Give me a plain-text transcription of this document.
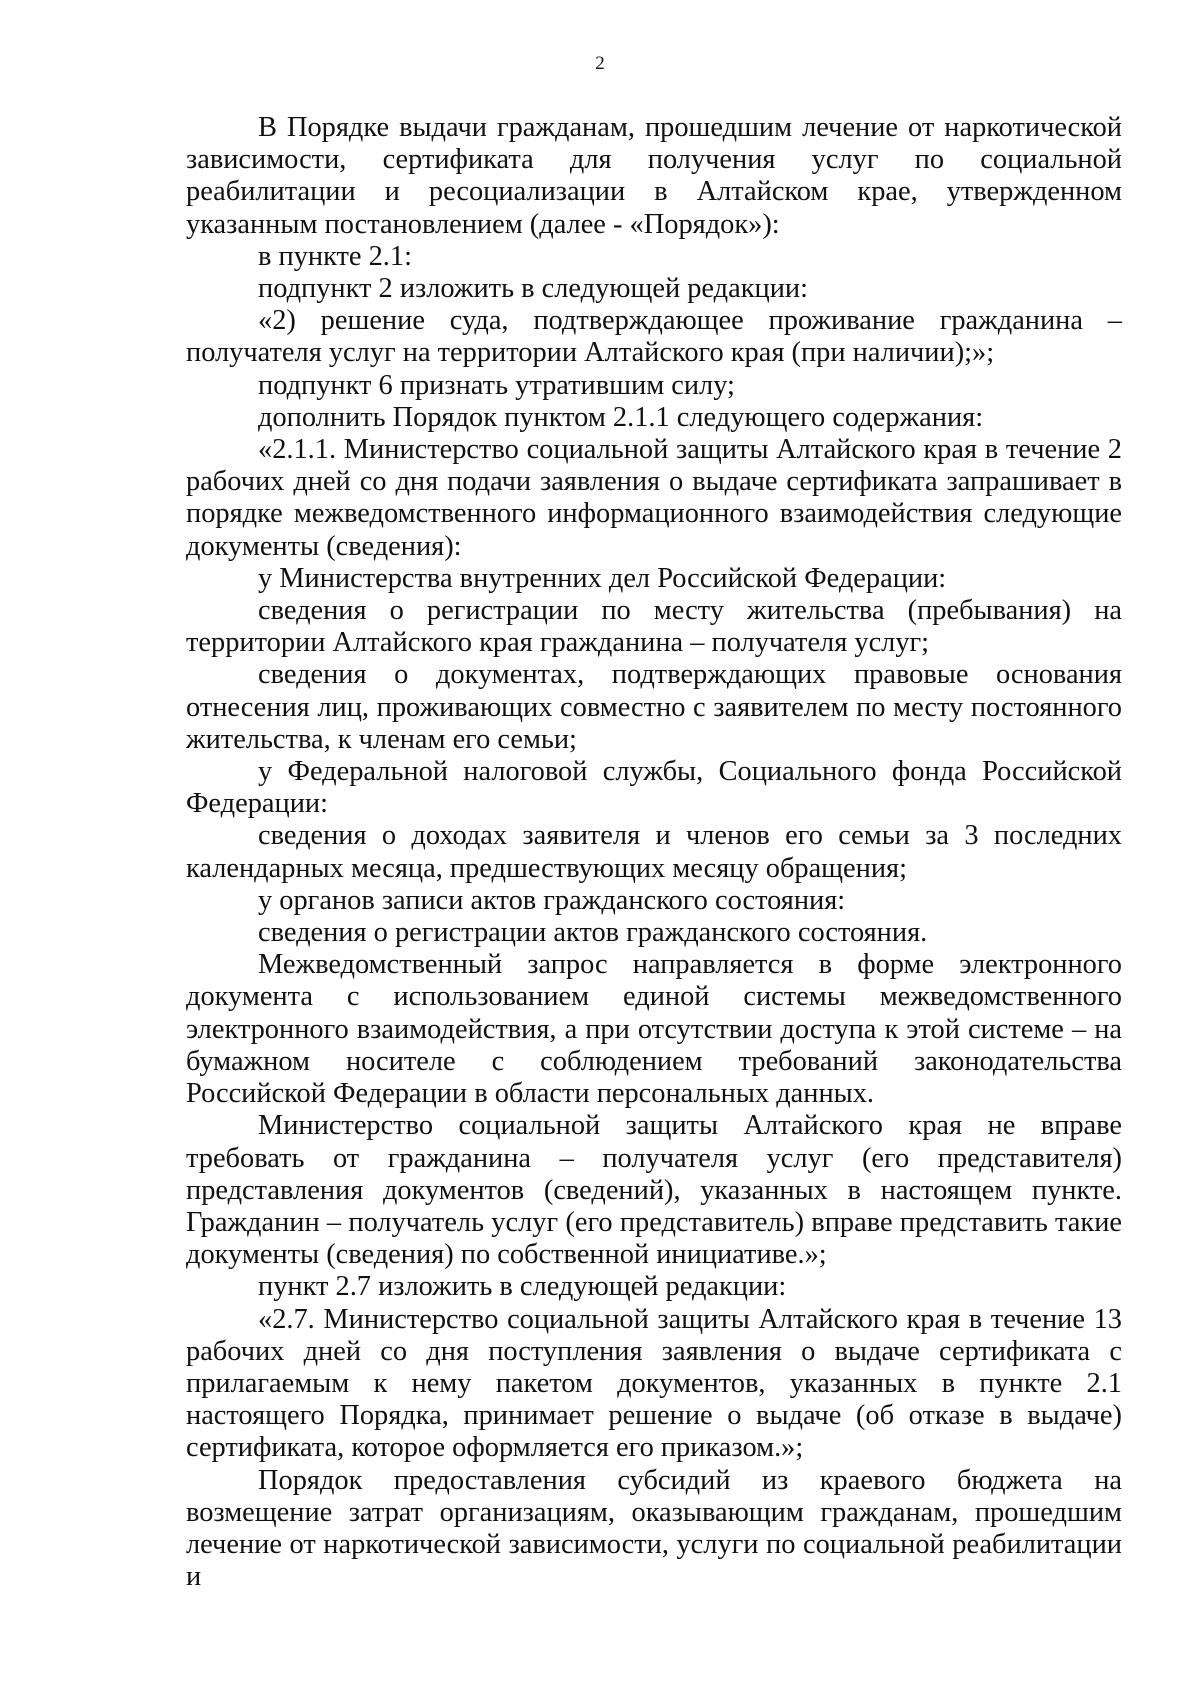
2

В Порядке выдачи гражданам, прошедшим лечение от наркотической зависимости, сертификата для получения услуг по социальной реабилитации и ресоциализации в Алтайском крае, утвержденном указанным постановлением (далее - «Порядок»):

в пункте 2.1:

подпункт 2 изложить в следующей редакции:

«2) решение суда, подтверждающее проживание гражданина – получателя услуг на территории Алтайского края (при наличии);»;

подпункт 6 признать утратившим силу;

дополнить Порядок пунктом 2.1.1 следующего содержания:

«2.1.1. Министерство социальной защиты Алтайского края в течение 2 рабочих дней со дня подачи заявления о выдаче сертификата запрашивает в порядке межведомственного информационного взаимодействия следующие документы (сведения):

у Министерства внутренних дел Российской Федерации:

сведения о регистрации по месту жительства (пребывания) на территории Алтайского края гражданина – получателя услуг;

сведения о документах, подтверждающих правовые основания отнесения лиц, проживающих совместно с заявителем по месту постоянного жительства, к членам его семьи;

у Федеральной налоговой службы, Социального фонда Российской Федерации:

сведения о доходах заявителя и членов его семьи за 3 последних календарных месяца, предшествующих месяцу обращения;

у органов записи актов гражданского состояния:

сведения о регистрации актов гражданского состояния.

Межведомственный запрос направляется в форме электронного документа с использованием единой системы межведомственного электронного взаимодействия, а при отсутствии доступа к этой системе – на бумажном носителе с соблюдением требований законодательства Российской Федерации в области персональных данных.

Министерство социальной защиты Алтайского края не вправе требовать от гражданина – получателя услуг (его представителя) представления документов (сведений), указанных в настоящем пункте. Гражданин – получатель услуг (его представитель) вправе представить такие документы (сведения) по собственной инициативе.»;

пункт 2.7 изложить в следующей редакции:

«2.7. Министерство социальной защиты Алтайского края в течение 13 рабочих дней со дня поступления заявления о выдаче сертификата с прилагаемым к нему пакетом документов, указанных в пункте 2.1 настоящего Порядка, принимает решение о выдаче (об отказе в выдаче) сертификата, которое оформляется его приказом.»;

Порядок предоставления субсидий из краевого бюджета на возмещение затрат организациям, оказывающим гражданам, прошедшим лечение от наркотической зависимости, услуги по социальной реабилитации и
